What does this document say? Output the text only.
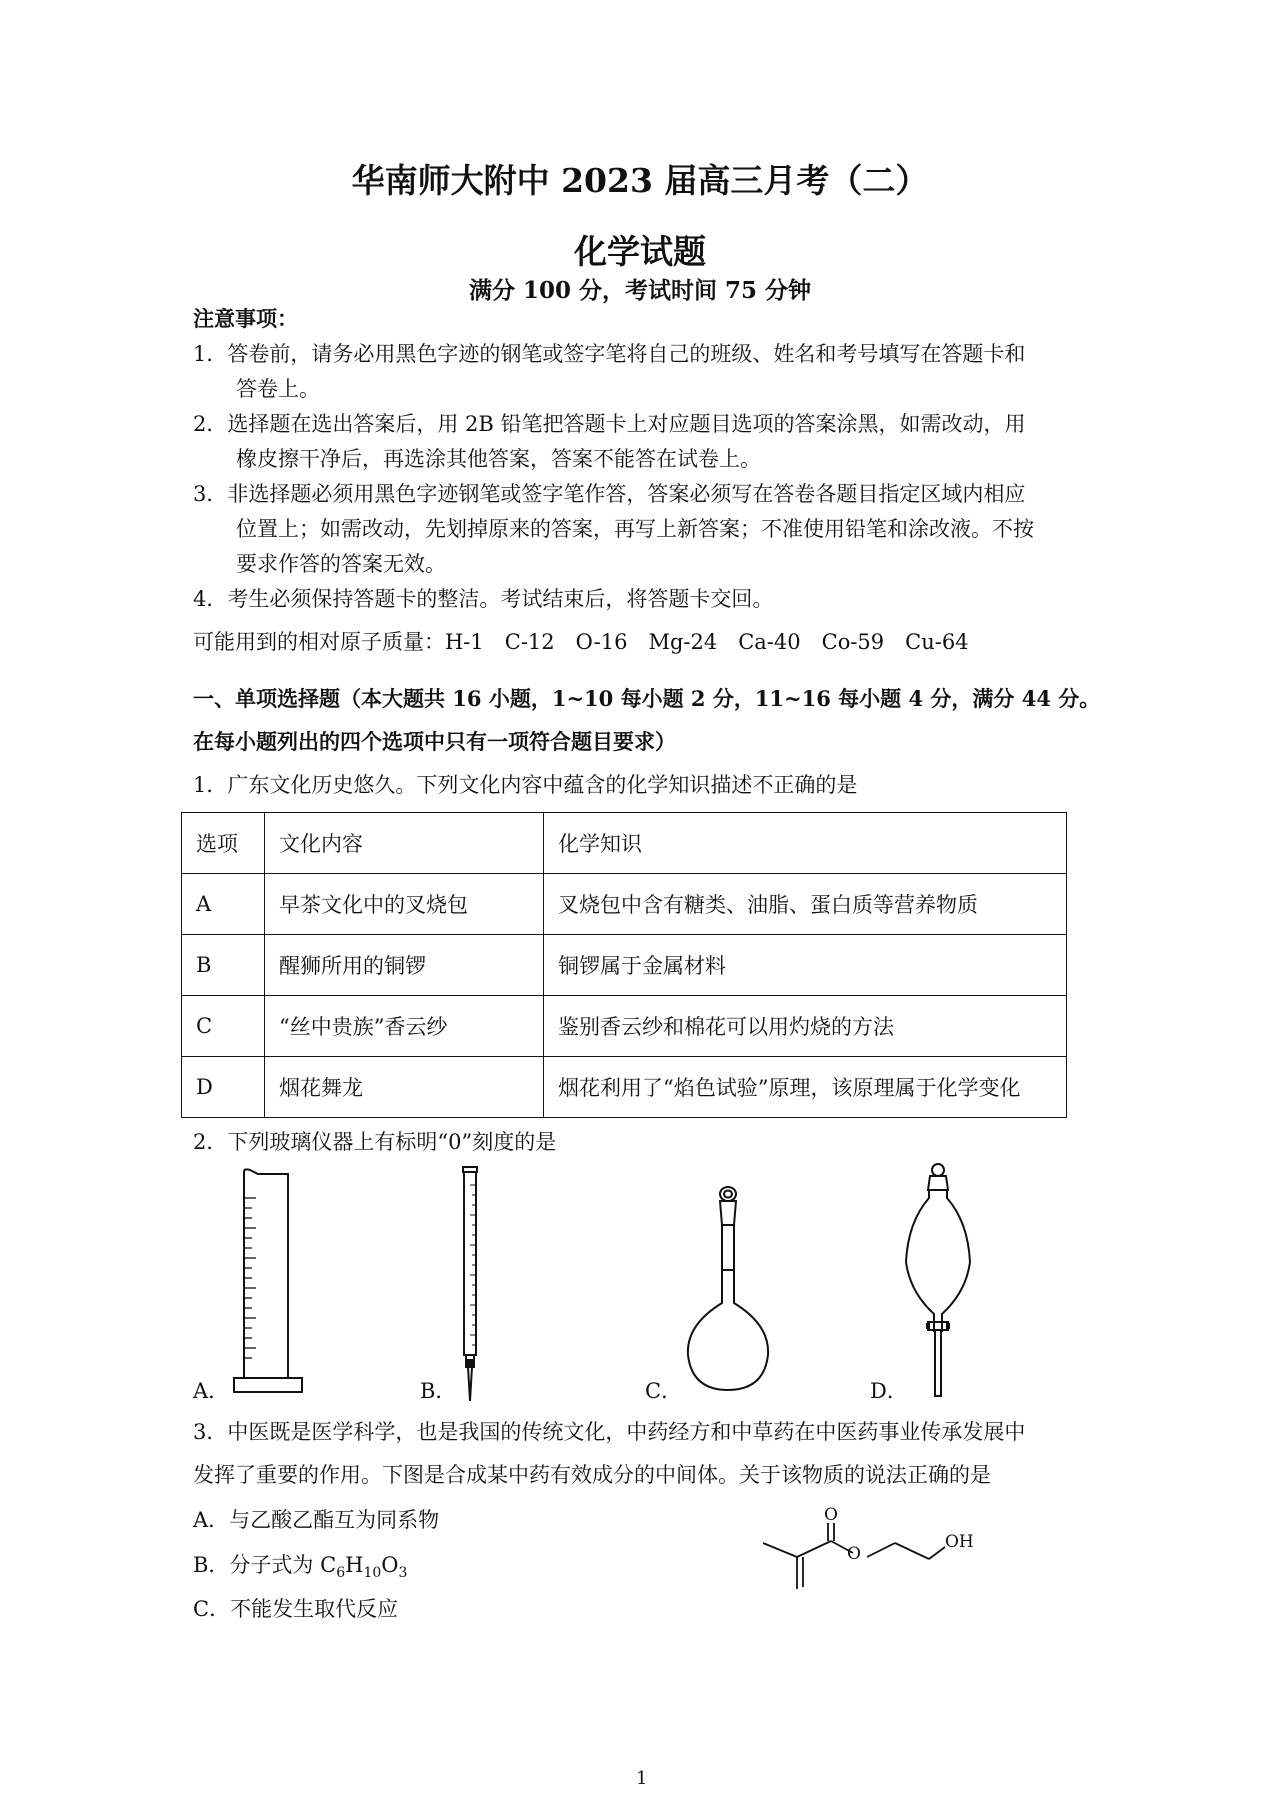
华南师大附中 2023 届高三月考（二）
化学试题
满分 100 分，考试时间 75 分钟
注意事项：
1．答卷前，请务必用黑色字迹的钢笔或签字笔将自己的班级、姓名和考号填写在答题卡和
答卷上。
2．选择题在选出答案后，用 2B 铅笔把答题卡上对应题目选项的答案涂黑，如需改动，用
橡皮擦干净后，再选涂其他答案，答案不能答在试卷上。
3．非选择题必须用黑色字迹钢笔或签字笔作答，答案必须写在答卷各题目指定区域内相应
位置上；如需改动，先划掉原来的答案，再写上新答案；不准使用铅笔和涂改液。不按
要求作答的答案无效。
4．考生必须保持答题卡的整洁。考试结束后，将答题卡交回。
可能用到的相对原子质量：H-1　C-12　O-16　Mg-24　Ca-40　Co-59　Cu-64
一、单项选择题（本大题共 16 小题，1~10 每小题 2 分，11~16 每小题 4 分，满分 44 分。
在每小题列出的四个选项中只有一项符合题目要求）
1．广东文化历史悠久。下列文化内容中蕴含的化学知识描述不正确的是
选项	文化内容	化学知识
A	早茶文化中的叉烧包	叉烧包中含有糖类、油脂、蛋白质等营养物质
B	醒狮所用的铜锣	铜锣属于金属材料
C	“丝中贵族”香云纱	鉴别香云纱和棉花可以用灼烧的方法
D	烟花舞龙	烟花利用了“焰色试验”原理，该原理属于化学变化
2．下列玻璃仪器上有标明“0”刻度的是
A．	B．	C．	D．
3．中医既是医学科学，也是我国的传统文化，中药经方和中草药在中医药事业传承发展中
发挥了重要的作用。下图是合成某中药有效成分的中间体。关于该物质的说法正确的是
A．与乙酸乙酯互为同系物
B．分子式为 $C_6H_{10}O_3$
C．不能发生取代反应
O
O
OH
1
